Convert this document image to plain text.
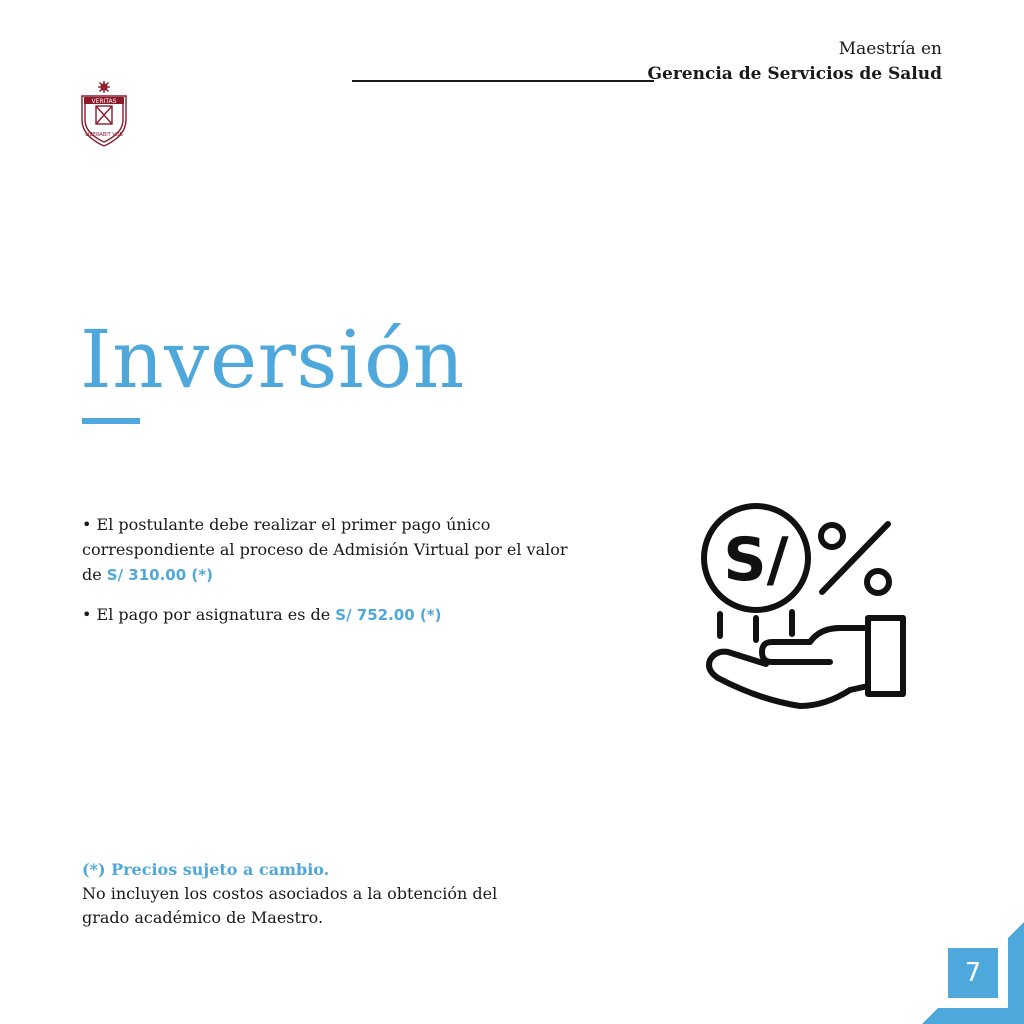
Maestría en
Gerencia de Servicios de Salud
VERITAS
LIBERABIT VOS
Inversión
• El postulante debe realizar el primer pago único correspondiente al proceso de Admisión Virtual por el valor de S/ 310.00 (*)
• El pago por asignatura es de S/ 752.00 (*)
S/
(*) Precios sujeto a cambio.
No incluyen los costos asociados a la obtención del grado académico de Maestro.
7
